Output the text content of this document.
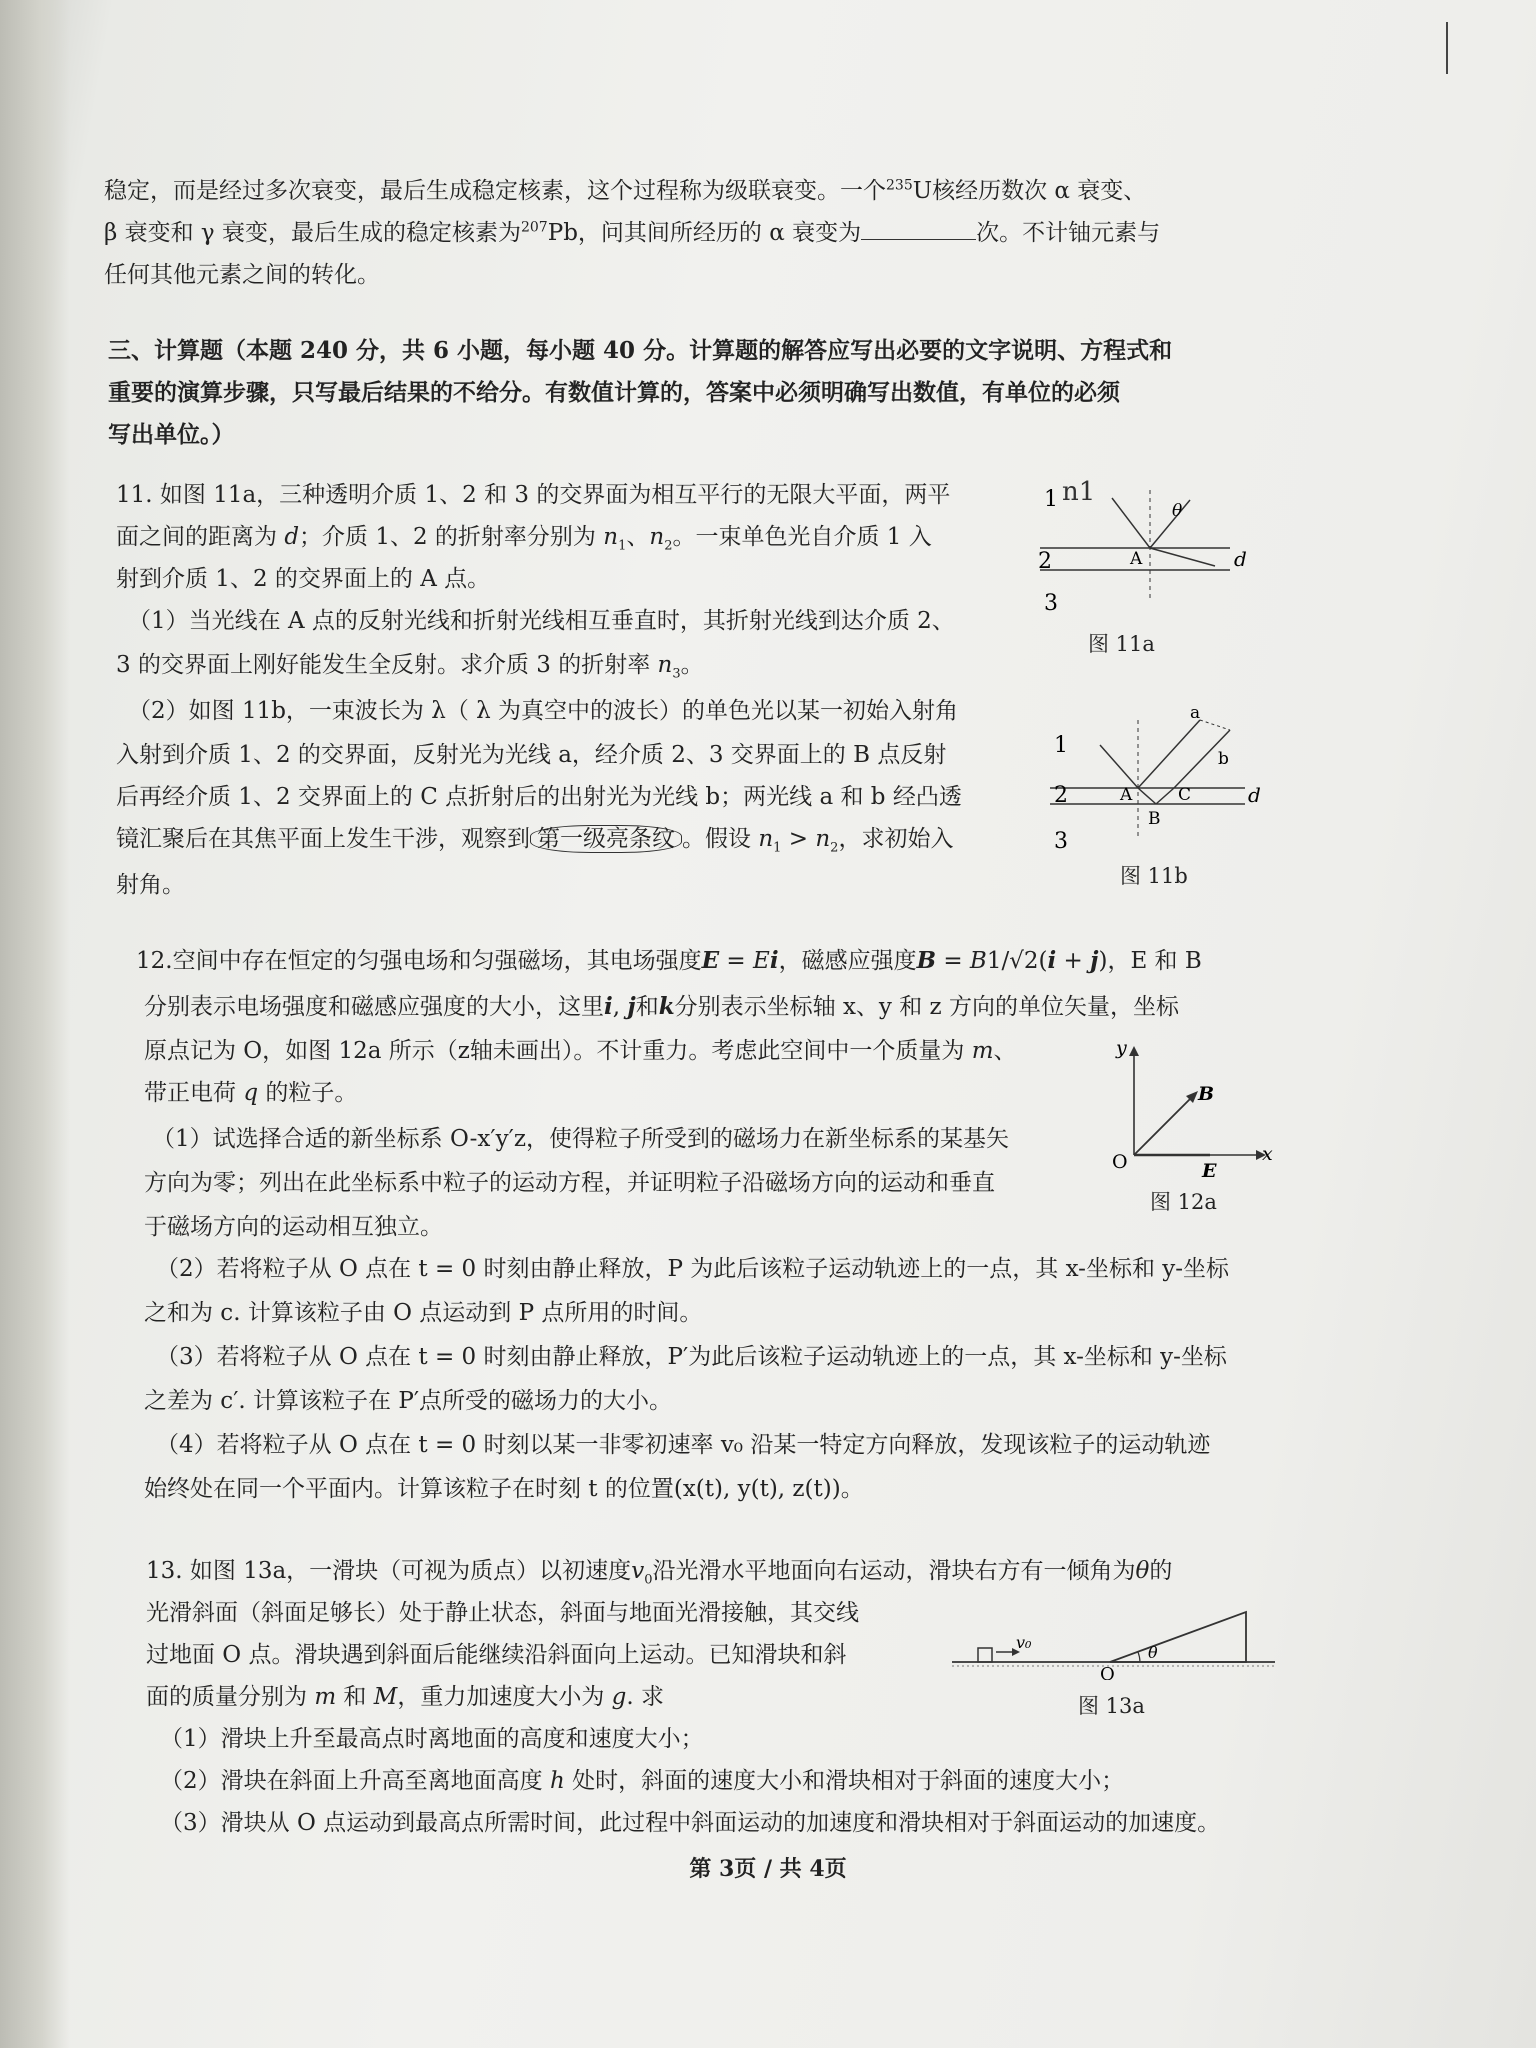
稳定，而是经过多次衰变，最后生成稳定核素，这个过程称为级联衰变。一个$^{235}$U核经历数次 α 衰变、

β 衰变和 γ 衰变，最后生成的稳定核素为$^{207}$Pb，问其间所经历的 α 衰变为	次。不计铀元素与

任何其他元素之间的转化。

三、计算题（本题 240 分，共 6 小题，每小题 40 分。计算题的解答应写出必要的文字说明、方程式和

重要的演算步骤，只写最后结果的不给分。有数值计算的，答案中必须明确写出数值，有单位的必须

写出单位。）

11. 如图 11a，三种透明介质 1、2 和 3 的交界面为相互平行的无限大平面，两平

面之间的距离为 d；介质 1、2 的折射率分别为 $n_1$、$n_2$。一束单色光自介质 1 入

射到介质 1、2 的交界面上的 A 点。

（1）当光线在 A 点的反射光线和折射光线相互垂直时，其折射光线到达介质 2、

3 的交界面上刚好能发生全反射。求介质 3 的折射率 $n_3$。

（2）如图 11b，一束波长为 λ（ λ 为真空中的波长）的单色光以某一初始入射角

入射到介质 1、2 的交界面，反射光为光线 a，经介质 2、3 交界面上的 B 点反射

后再经介质 1、2 交界面上的 C 点折射后的出射光为光线 b；两光线 a 和 b 经凸透

镜汇聚后在其焦平面上发生干涉，观察到 第一级亮条纹 。假设 $n_1 > n_2$，求初始入

射角。

n1
1
A
θ
2	d
3
图 11a
1
a
b
A
B
C
2	d
3
图 11b

12.空间中存在恒定的匀强电场和匀强磁场，其电场强度E = Ei，磁感应强度B = B1/√2(i + j)，E 和 B

分别表示电场强度和磁感应强度的大小，这里i, j和k分别表示坐标轴 x、y 和 z 方向的单位矢量，坐标

原点记为 O，如图 12a 所示（z轴未画出）。不计重力。考虑此空间中一个质量为 m、

带正电荷 q 的粒子。

（1）试选择合适的新坐标系 O-x′y′z，使得粒子所受到的磁场力在新坐标系的某基矢

方向为零；列出在此坐标系中粒子的运动方程，并证明粒子沿磁场方向的运动和垂直

于磁场方向的运动相互独立。

（2）若将粒子从 O 点在 t = 0 时刻由静止释放，P 为此后该粒子运动轨迹上的一点，其 x-坐标和 y-坐标

之和为 c. 计算该粒子由 O 点运动到 P 点所用的时间。

（3）若将粒子从 O 点在 t = 0 时刻由静止释放，P′为此后该粒子运动轨迹上的一点，其 x-坐标和 y-坐标

之差为 c′. 计算该粒子在 P′点所受的磁场力的大小。

（4）若将粒子从 O 点在 t = 0 时刻以某一非零初速率 v₀ 沿某一特定方向释放，发现该粒子的运动轨迹

始终处在同一个平面内。计算该粒子在时刻 t 的位置(x(t), y(t), z(t))。

y
x
O
B
E
图 12a

13. 如图 13a，一滑块（可视为质点）以初速度$v_0$沿光滑水平地面向右运动，滑块右方有一倾角为θ的

光滑斜面（斜面足够长）处于静止状态，斜面与地面光滑接触，其交线

过地面 O 点。滑块遇到斜面后能继续沿斜面向上运动。已知滑块和斜

面的质量分别为 m 和 M，重力加速度大小为 g. 求

（1）滑块上升至最高点时离地面的高度和速度大小；

（2）滑块在斜面上升高至离地面高度 h 处时，斜面的速度大小和滑块相对于斜面的速度大小；

（3）滑块从 O 点运动到最高点所需时间，此过程中斜面运动的加速度和滑块相对于斜面运动的加速度。

v₀
θ
O
图 13a
第 3页 / 共 4页
